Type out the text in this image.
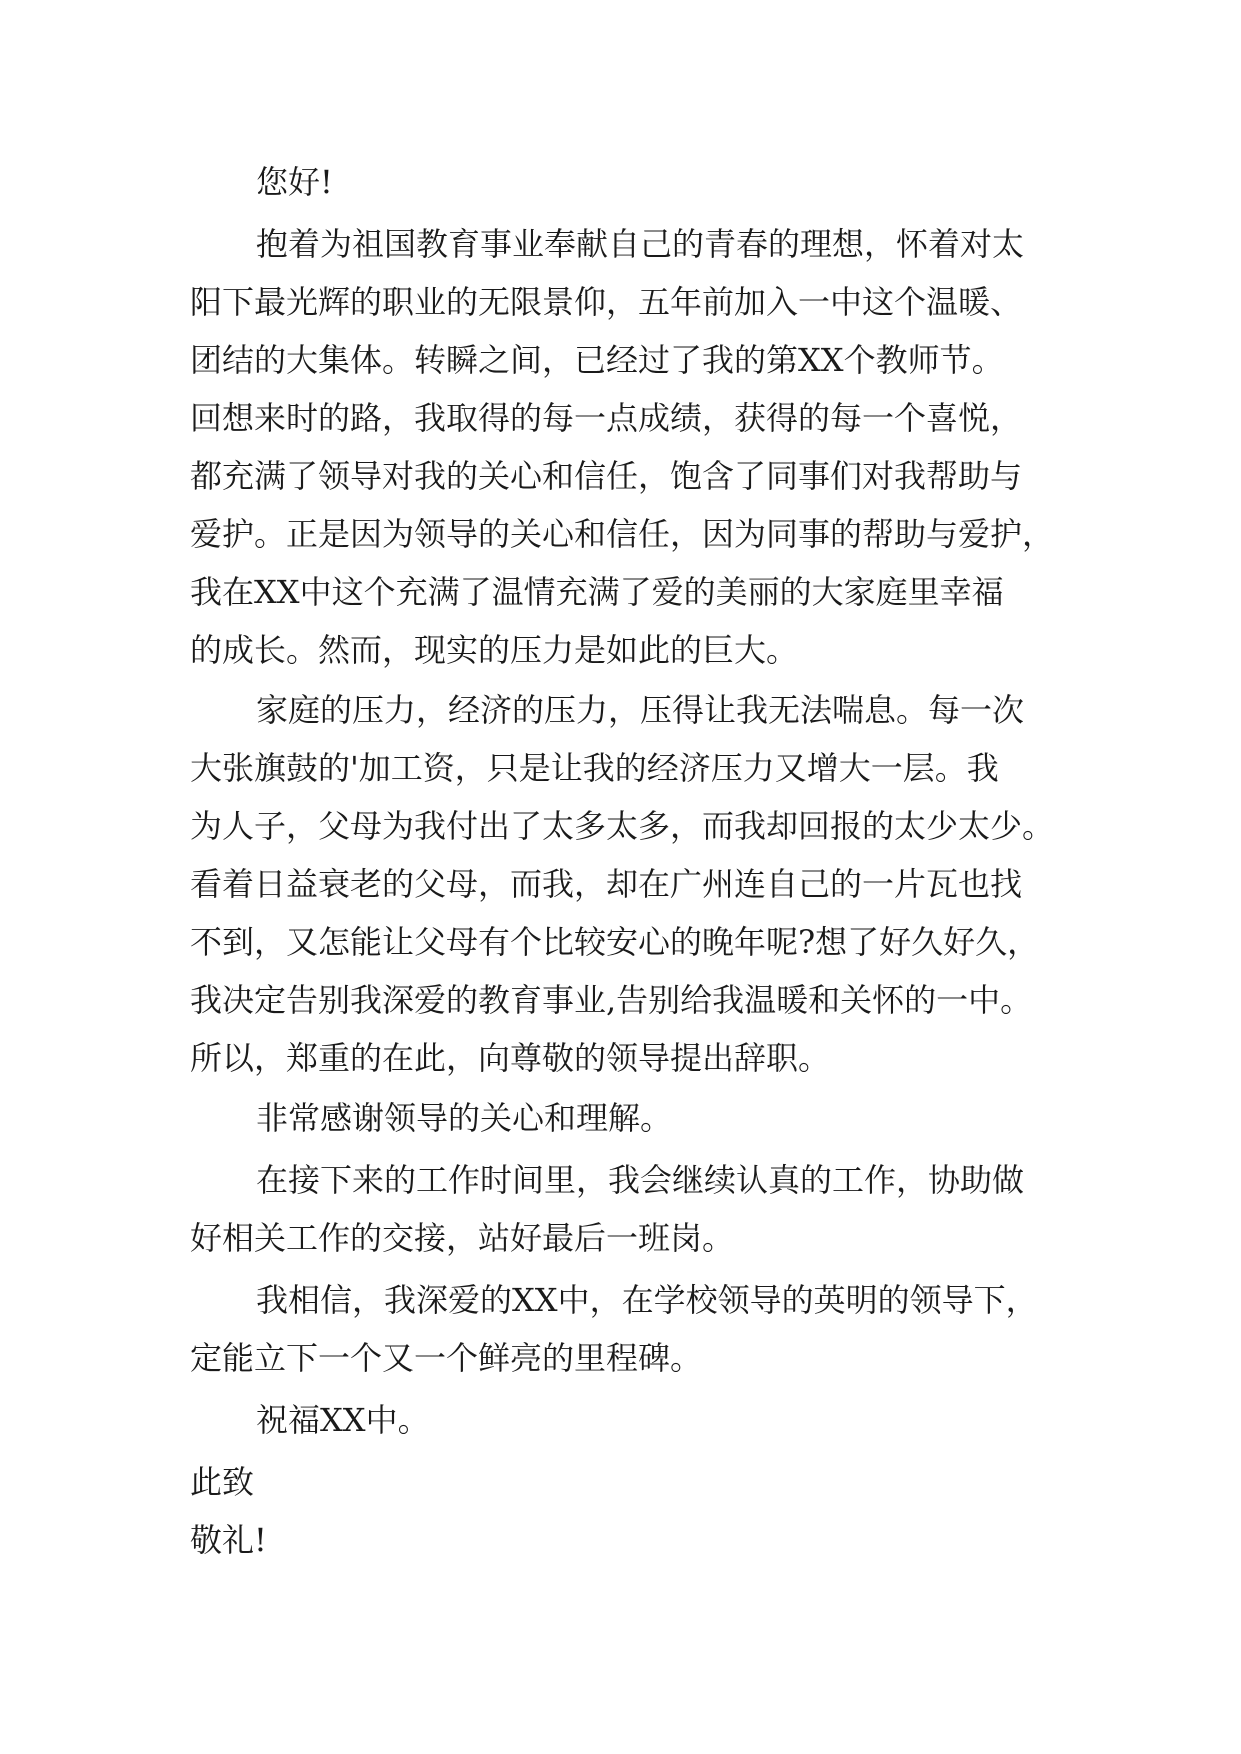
您好!
抱着为祖国教育事业奉献自己的青春的理想，怀着对太
阳下最光辉的职业的无限景仰，五年前加入一中这个温暖、
团结的大集体。转瞬之间，已经过了我的第XX个教师节。
回想来时的路，我取得的每一点成绩，获得的每一个喜悦，
都充满了领导对我的关心和信任，饱含了同事们对我帮助与
爱护。正是因为领导的关心和信任，因为同事的帮助与爱护，
我在XX中这个充满了温情充满了爱的美丽的大家庭里幸福
的成长。然而，现实的压力是如此的巨大。
家庭的压力，经济的压力，压得让我无法喘息。每一次
大张旗鼓的'加工资，只是让我的经济压力又增大一层。我
为人子，父母为我付出了太多太多，而我却回报的太少太少。
看着日益衰老的父母，而我，却在广州连自己的一片瓦也找
不到，又怎能让父母有个比较安心的晚年呢?想了好久好久，
我决定告别我深爱的教育事业,告别给我温暖和关怀的一中。
所以，郑重的在此，向尊敬的领导提出辞职。
非常感谢领导的关心和理解。
在接下来的工作时间里，我会继续认真的工作，协助做
好相关工作的交接，站好最后一班岗。
我相信，我深爱的XX中，在学校领导的英明的领导下，
定能立下一个又一个鲜亮的里程碑。
祝福XX中。
此致
敬礼!
